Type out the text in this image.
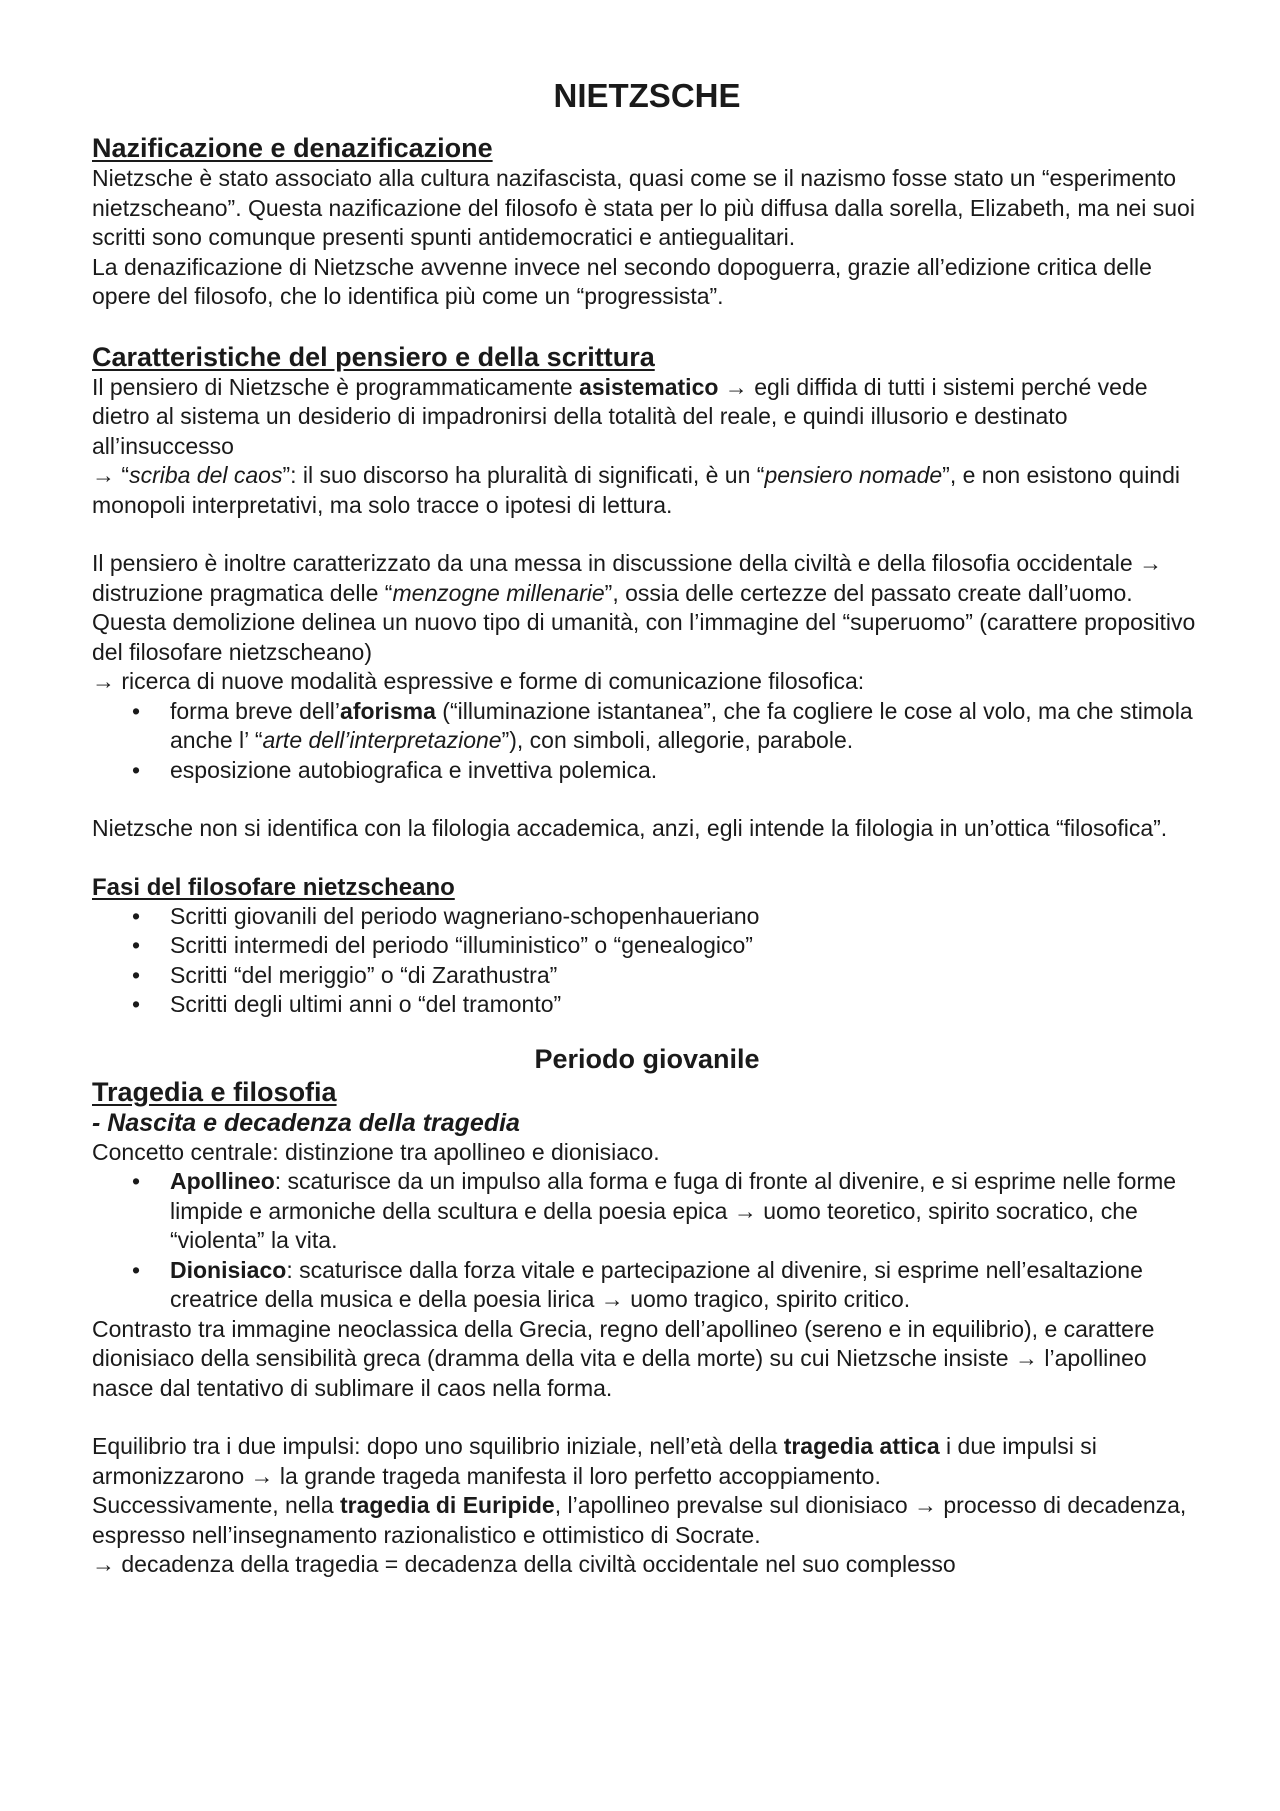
NIETZSCHE
Nazificazione e denazificazione

Nietzsche è stato associato alla cultura nazifascista, quasi come se il nazismo fosse stato un “esperimento nietzscheano”. Questa nazificazione del filosofo è stata per lo più diffusa dalla sorella, Elizabeth, ma nei suoi scritti sono comunque presenti spunti antidemocratici e antiegualitari.

La denazificazione di Nietzsche avvenne invece nel secondo dopoguerra, grazie all’edizione critica delle opere del filosofo, che lo identifica più come un “progressista”.

Caratteristiche del pensiero e della scrittura

Il pensiero di Nietzsche è programmaticamente asistematico → egli diffida di tutti i sistemi perché vede dietro al sistema un desiderio di impadronirsi della totalità del reale, e quindi illusorio e destinato all’insuccesso

→ “scriba del caos”: il suo discorso ha pluralità di significati, è un “pensiero nomade”, e non esistono quindi monopoli interpretativi, ma solo tracce o ipotesi di lettura.

Il pensiero è inoltre caratterizzato da una messa in discussione della civiltà e della filosofia occidentale → distruzione pragmatica delle “menzogne millenarie”, ossia delle certezze del passato create dall’uomo.

Questa demolizione delinea un nuovo tipo di umanità, con l’immagine del “superuomo” (carattere propositivo del filosofare nietzscheano)

→ ricerca di nuove modalità espressive e forme di comunicazione filosofica:

• forma breve dell’aforisma (“illuminazione istantanea”, che fa cogliere le cose al volo, ma che stimola anche l’ “arte dell’interpretazione”), con simboli, allegorie, parabole.
• esposizione autobiografica e invettiva polemica.

Nietzsche non si identifica con la filologia accademica, anzi, egli intende la filologia in un’ottica “filosofica”.

Fasi del filosofare nietzscheano
• Scritti giovanili del periodo wagneriano-schopenhaueriano
• Scritti intermedi del periodo “illuministico” o “genealogico”
• Scritti “del meriggio” o “di Zarathustra”
• Scritti degli ultimi anni o “del tramonto”
Periodo giovanile
Tragedia e filosofia
- Nascita e decadenza della tragedia

Concetto centrale: distinzione tra apollineo e dionisiaco.

• Apollineo: scaturisce da un impulso alla forma e fuga di fronte al divenire, e si esprime nelle forme limpide e armoniche della scultura e della poesia epica → uomo teoretico, spirito socratico, che “violenta” la vita.
• Dionisiaco: scaturisce dalla forza vitale e partecipazione al divenire, si esprime nell’esaltazione creatrice della musica e della poesia lirica → uomo tragico, spirito critico.

Contrasto tra immagine neoclassica della Grecia, regno dell’apollineo (sereno e in equilibrio), e carattere dionisiaco della sensibilità greca (dramma della vita e della morte) su cui Nietzsche insiste → l’apollineo nasce dal tentativo di sublimare il caos nella forma.

Equilibrio tra i due impulsi: dopo uno squilibrio iniziale, nell’età della tragedia attica i due impulsi si armonizzarono → la grande trageda manifesta il loro perfetto accoppiamento.

Successivamente, nella tragedia di Euripide, l’apollineo prevalse sul dionisiaco → processo di decadenza, espresso nell’insegnamento razionalistico e ottimistico di Socrate.

→ decadenza della tragedia = decadenza della civiltà occidentale nel suo complesso
